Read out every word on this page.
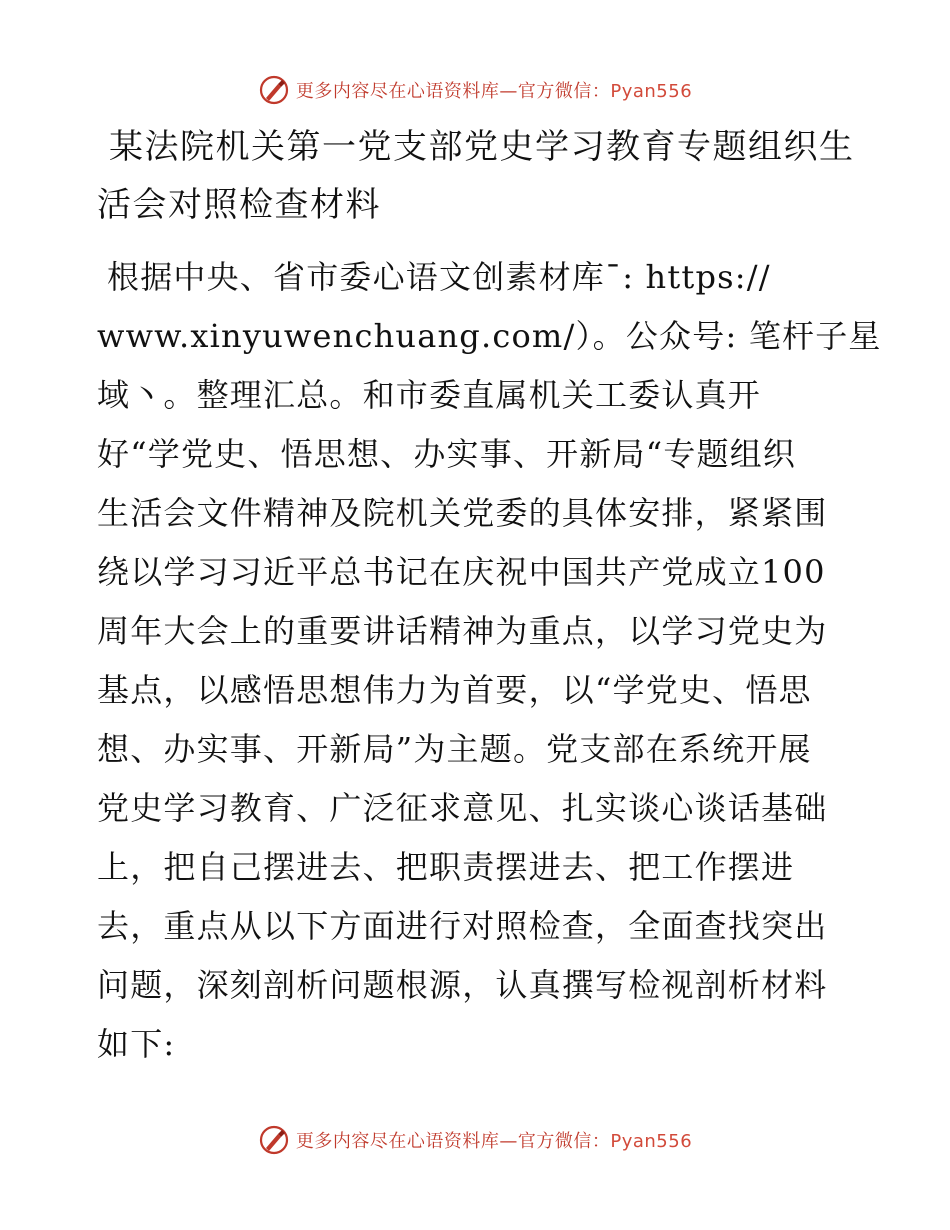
更多内容尽在心语资料库—官方微信：Pyan556
某法院机关第一党支部党史学习教育专题组织生
活会对照检查材料
根据中央、省市委心语文创素材库¯: https://
www.xinyuwenchuang.com/）。公众号: 笔杆子星
域丶。整理汇总。和市委直属机关工委认真开
好“学党史、悟思想、办实事、开新局“专题组织
生活会文件精神及院机关党委的具体安排，紧紧围
绕以学习习近平总书记在庆祝中国共产党成立100
周年大会上的重要讲话精神为重点，以学习党史为
基点，以感悟思想伟力为首要，以“学党史、悟思
想、办实事、开新局”为主题。党支部在系统开展
党史学习教育、广泛征求意见、扎实谈心谈话基础
上，把自己摆进去、把职责摆进去、把工作摆进
去，重点从以下方面进行对照检查，全面查找突出
问题，深刻剖析问题根源，认真撰写检视剖析材料
如下:
更多内容尽在心语资料库—官方微信：Pyan556
